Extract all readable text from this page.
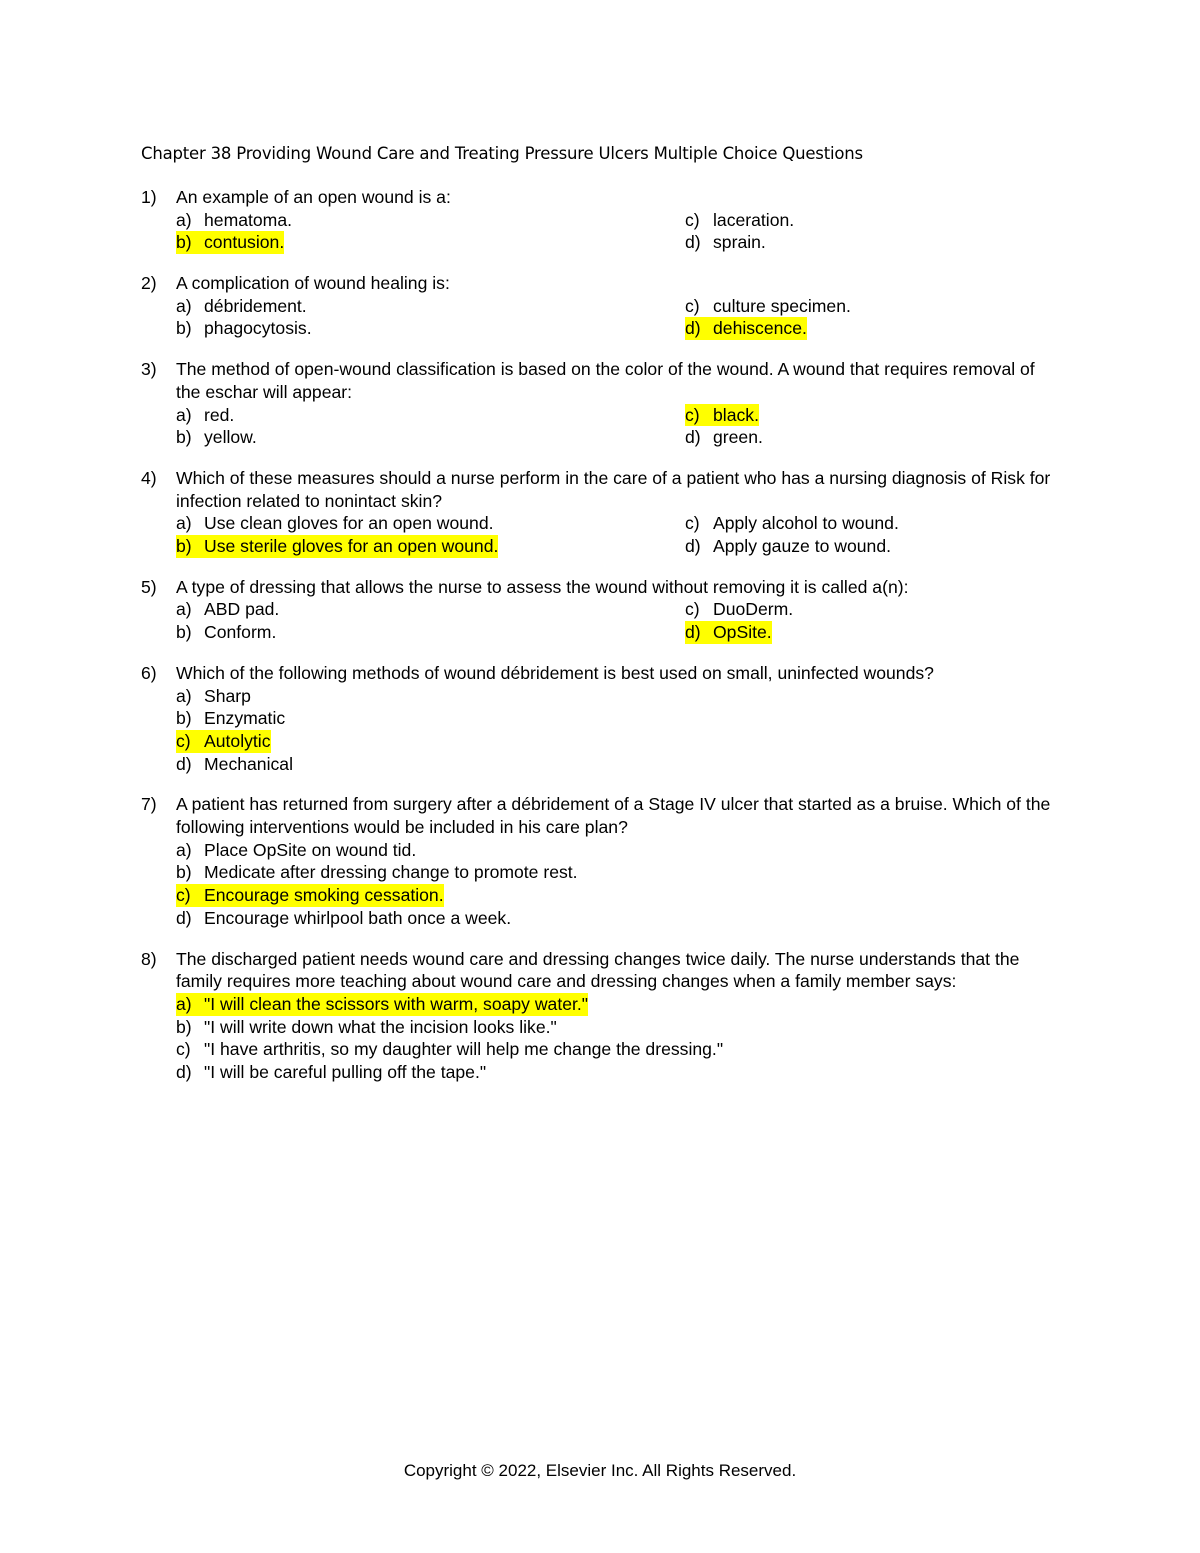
Chapter 38 Providing Wound Care and Treating Pressure Ulcers Multiple Choice Questions
1)	An example of an open wound is a:
a) hematoma.
b) contusion.
c) laceration.
d) sprain.
2)	A complication of wound healing is:
a) débridement.
b) phagocytosis.
c) culture specimen.
d) dehiscence.
3)	The method of open-wound classification is based on the color of the wound. A wound that requires removal of the eschar will appear:
a) red.
b) yellow.
c) black.
d) green.
4)	Which of these measures should a nurse perform in the care of a patient who has a nursing diagnosis of Risk for infection related to nonintact skin?
a) Use clean gloves for an open wound.
b) Use sterile gloves for an open wound.
c) Apply alcohol to wound.
d) Apply gauze to wound.
5)	A type of dressing that allows the nurse to assess the wound without removing it is called a(n):
a) ABD pad.
b) Conform.
c) DuoDerm.
d) OpSite.
6)	Which of the following methods of wound débridement is best used on small, uninfected wounds?
a) Sharp
b) Enzymatic
c) Autolytic
d) Mechanical
7)	A patient has returned from surgery after a débridement of a Stage IV ulcer that started as a bruise. Which of the following interventions would be included in his care plan?
a) Place OpSite on wound tid.
b) Medicate after dressing change to promote rest.
c) Encourage smoking cessation.
d) Encourage whirlpool bath once a week.
8)	The discharged patient needs wound care and dressing changes twice daily. The nurse understands that the family requires more teaching about wound care and dressing changes when a family member says:
a) "I will clean the scissors with warm, soapy water."
b) "I will write down what the incision looks like."
c) "I have arthritis, so my daughter will help me change the dressing."
d) "I will be careful pulling off the tape."
Copyright © 2022, Elsevier Inc. All Rights Reserved.
